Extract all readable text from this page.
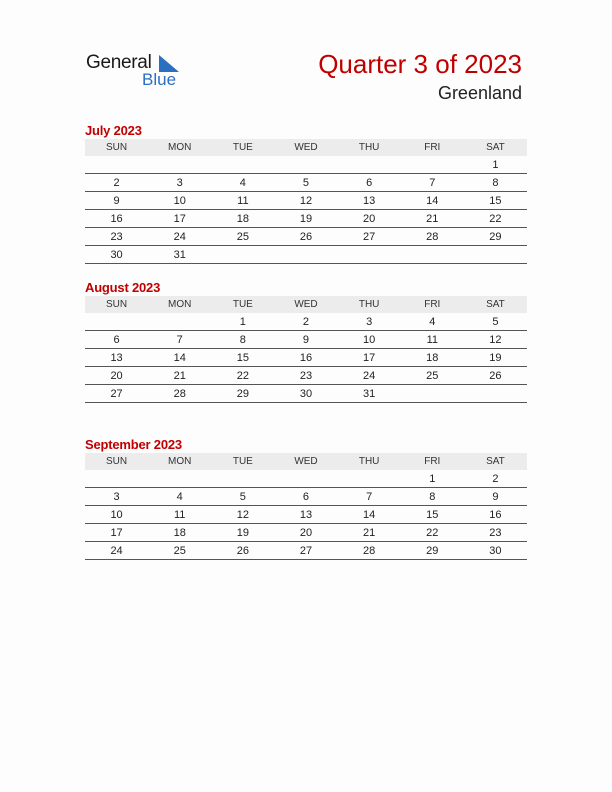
General
Blue
Quarter 3 of 2023
Greenland
July 2023
SUN	MON	TUE	WED	THU	FRI	SAT
						1
2	3	4	5	6	7	8
9	10	11	12	13	14	15
16	17	18	19	20	21	22
23	24	25	26	27	28	29
30	31					
August 2023
SUN	MON	TUE	WED	THU	FRI	SAT
		1	2	3	4	5
6	7	8	9	10	11	12
13	14	15	16	17	18	19
20	21	22	23	24	25	26
27	28	29	30	31		
September 2023
SUN	MON	TUE	WED	THU	FRI	SAT
					1	2
3	4	5	6	7	8	9
10	11	12	13	14	15	16
17	18	19	20	21	22	23
24	25	26	27	28	29	30
